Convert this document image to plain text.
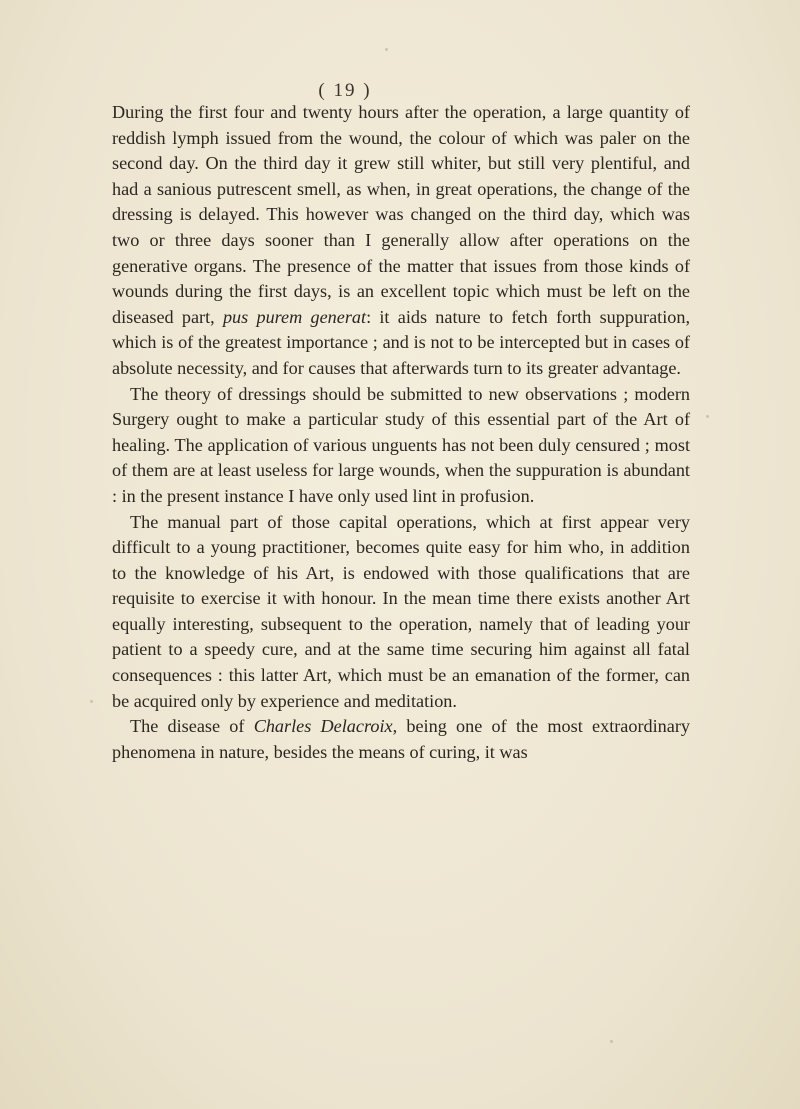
( 19 )

During the first four and twenty hours after the operation, a large quantity of reddish lymph issued from the wound, the colour of which was paler on the second day. On the third day it grew still whiter, but still very plentiful, and had a sanious putrescent smell, as when, in great operations, the change of the dressing is delayed. This however was changed on the third day, which was two or three days sooner than I generally allow after operations on the generative organs. The presence of the matter that issues from those kinds of wounds during the first days, is an excellent topic which must be left on the diseased part, pus purem generat: it aids nature to fetch forth suppuration, which is of the greatest importance ; and is not to be intercepted but in cases of absolute necessity, and for causes that afterwards turn to its greater advantage.

The theory of dressings should be submitted to new observations ; modern Surgery ought to make a particular study of this essential part of the Art of healing. The application of various unguents has not been duly censured ; most of them are at least useless for large wounds, when the suppuration is abundant : in the present instance I have only used lint in profusion.

The manual part of those capital operations, which at first appear very difficult to a young practitioner, becomes quite easy for him who, in addition to the knowledge of his Art, is endowed with those qualifications that are requisite to exercise it with honour. In the mean time there exists another Art equally interesting, subsequent to the operation, namely that of leading your patient to a speedy cure, and at the same time securing him against all fatal consequences : this latter Art, which must be an emanation of the former, can be acquired only by experience and meditation.

The disease of Charles Delacroix, being one of the most extraordinary phenomena in nature, besides the means of curing, it was
